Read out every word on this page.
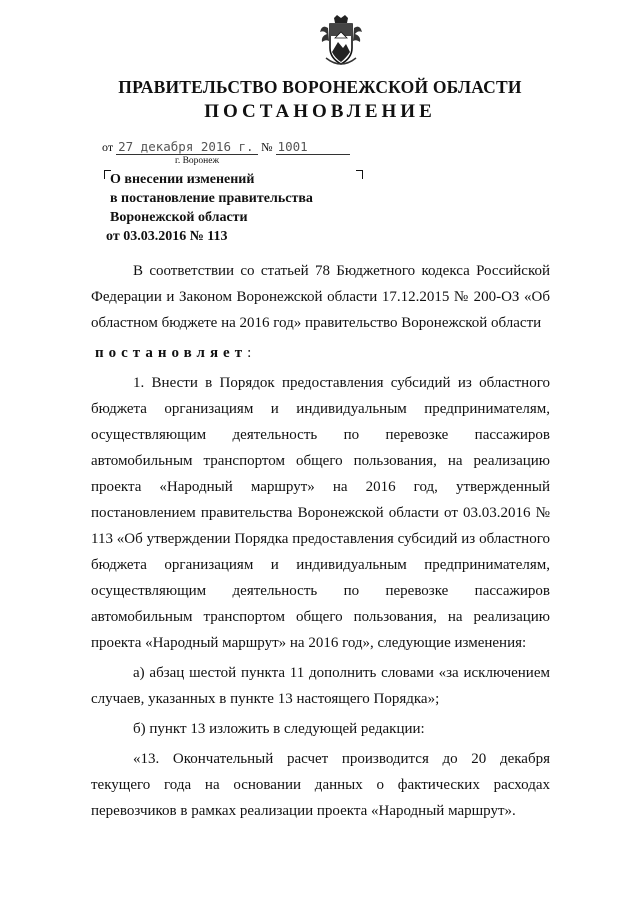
ПРАВИТЕЛЬСТВО ВОРОНЕЖСКОЙ ОБЛАСТИ
ПОСТАНОВЛЕНИЕ
от 27 декабря 2016 г. № 1001
г. Воронеж
О внесении изменений
в постановление правительства
Воронежской области
от 03.03.2016 № 113

В соответствии со статьей 78 Бюджетного кодекса Российской Федерации и Законом Воронежской области 17.12.2015 № 200-ОЗ «Об областном бюджете на 2016 год» правительство Воронежской области

постановляет:

1. Внести в Порядок предоставления субсидий из областного бюджета организациям и индивидуальным предпринимателям, осуществляющим деятельность по перевозке пассажиров автомобильным транспортом общего пользования, на реализацию проекта «Народный маршрут» на 2016 год, утвержденный постановлением правительства Воронежской области от 03.03.2016 № 113 «Об утверждении Порядка предоставления субсидий из областного бюджета организациям и индивидуальным предпринимателям, осуществляющим деятельность по перевозке пассажиров автомобильным транспортом общего пользования, на реализацию проекта «Народный маршрут» на 2016 год», следующие изменения:

а) абзац шестой пункта 11 дополнить словами «за исключением случаев, указанных в пункте 13 настоящего Порядка»;

б) пункт 13 изложить в следующей редакции:

«13. Окончательный расчет производится до 20 декабря текущего года на основании данных о фактических расходах перевозчиков в рамках реализации проекта «Народный маршрут».
